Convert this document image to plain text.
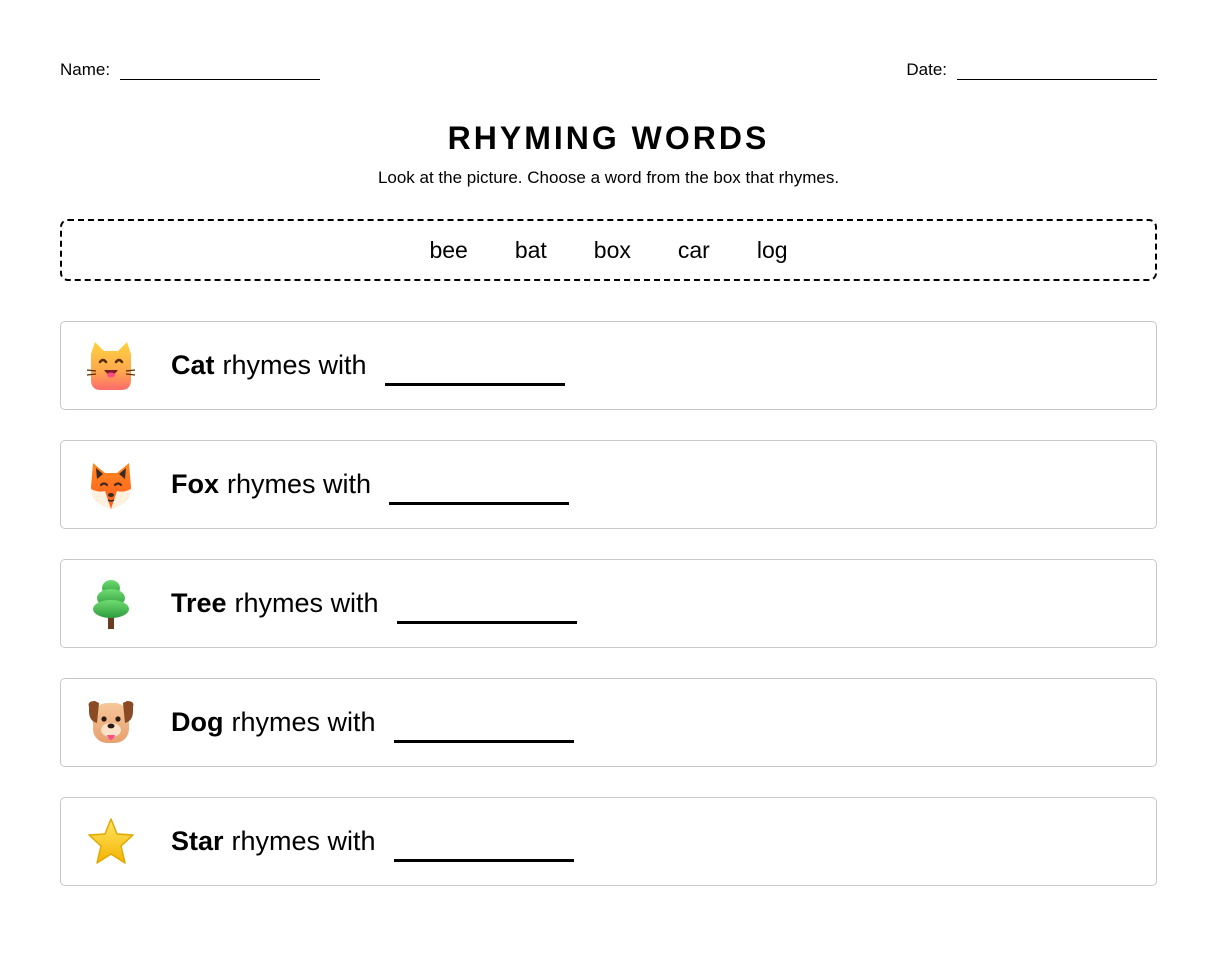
Name:	Date:
RHYMING WORDS
Look at the picture. Choose a word from the box that rhymes.
bee bat box car log
Cat rhymes with
Fox rhymes with
Tree rhymes with
Dog rhymes with
Star rhymes with
